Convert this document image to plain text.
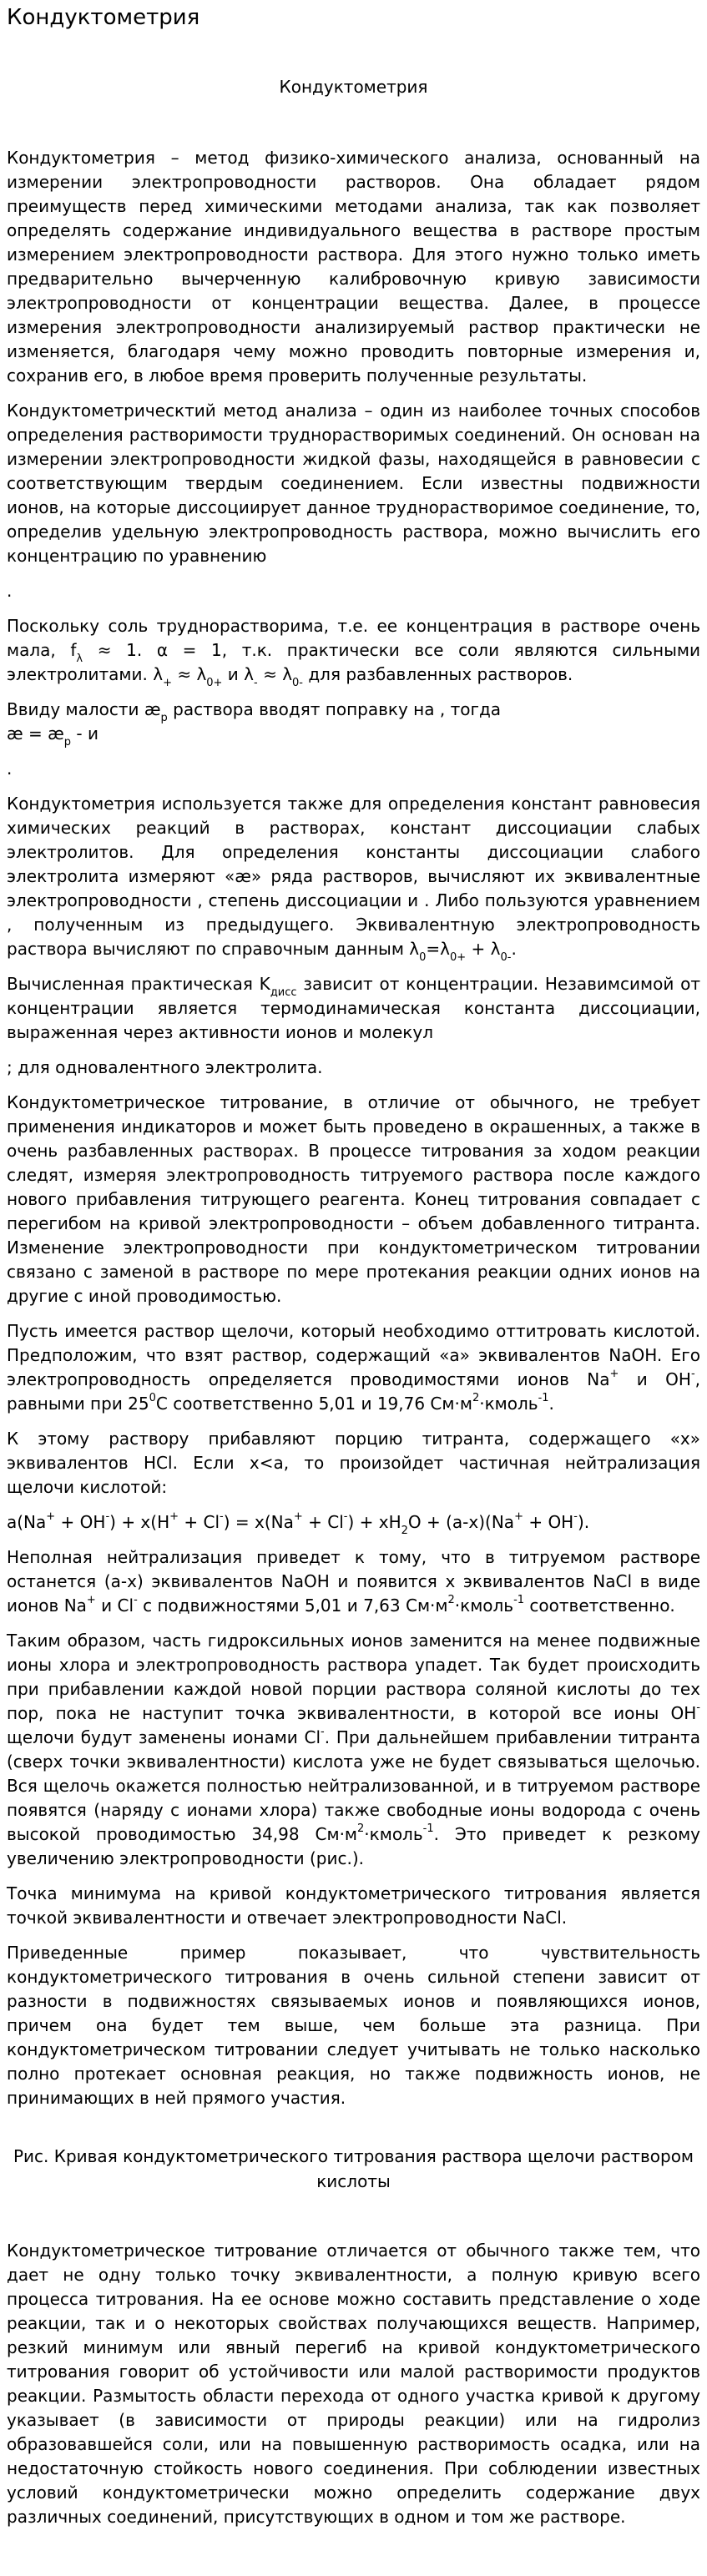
Кондуктометрия

Кондуктометрия

Кондуктометрия – метод физико-химического анализа, основанный на измерении электропроводности растворов. Она обладает рядом преимуществ перед химическими методами анализа, так как позволяет определять содержание индивидуального вещества в растворе простым измерением электропроводности раствора. Для этого нужно только иметь предварительно вычерченную калибровочную кривую зависимости электропроводности от концентрации вещества. Далее, в процессе измерения электропроводности анализируемый раствор практически не изменяется, благодаря чему можно проводить повторные измерения и, сохранив его, в любое время проверить полученные результаты.

Кондуктометрическтий метод анализа – один из наиболее точных способов определения растворимости труднорастворимых соединений. Он основан на измерении электропроводности жидкой фазы, находящейся в равновесии с соответствующим твердым соединением. Если известны подвижности ионов, на которые диссоциирует данное труднорастворимое соединение, то, определив удельную электропроводность раствора, можно вычислить его концентрацию по уравнению

.

Поскольку соль труднорастворима, т.е. ее концентрация в растворе очень мала, $f_\lambda \approx 1$. α = 1, т.к. практически все соли являются сильными электролитами. $\lambda_+ \approx \lambda_{0+}$ и $\lambda_- \approx \lambda_{0-}$ для разбавленных растворов.

Ввиду малости $æ_p$ раствора вводят поправку на , тогда

æ = $æ_p$ - и

.

Кондуктометрия используется также для определения констант равновесия химических реакций в растворах, констант диссоциации слабых электролитов. Для определения константы диссоциации слабого электролита измеряют «æ» ряда растворов, вычисляют их эквивалентные электропроводности , степень диссоциации и . Либо пользуются уравнением , полученным из предыдущего. Эквивалентную электропроводность раствора вычисляют по справочным данным $\lambda_0=\lambda_{0+} + \lambda_{0-}$.

Вычисленная практическая $K_{дисс}$ зависит от концентрации. Незавимсимой от концентрации является термодинамическая константа диссоциации, выраженная через активности ионов и молекул

; для одновалентного электролита.

Кондуктометрическое титрование, в отличие от обычного, не требует применения индикаторов и может быть проведено в окрашенных, а также в очень разбавленных растворах. В процессе титрования за ходом реакции следят, измеряя электропроводность титруемого раствора после каждого нового прибавления титрующего реагента. Конец титрования совпадает с перегибом на кривой электропроводности – объем добавленного титранта. Изменение электропроводности при кондуктометрическом титровании связано с заменой в растворе по мере протекания реакции одних ионов на другие с иной проводимостью.

Пусть имеется раствор щелочи, который необходимо оттитровать кислотой. Предположим, что взят раствор, содержащий «a» эквивалентов NaOH. Его электропроводность определяется проводимостями ионов Na+ и OH-, равными при $25^0C$ соответственно 5,01 и 19,76 $См\cdot м^2\cdot кмоль^{-1}$.

К этому раствору прибавляют порцию титранта, содержащего «x» эквивалентов HCl. Если x<a, то произойдет частичная нейтрализация щелочи кислотой:

$a(Na^+ + OH^-) + x(H^+ + Cl^-) = x(Na^+ + Cl^-) + xH_2O + (a-x)(Na^+ + OH^-)$.

Неполная нейтрализация приведет к тому, что в титруемом растворе останется (a-x) эквивалентов NaOH и появится x эквивалентов NaCl в виде ионов Na+ и Cl- с подвижностями 5,01 и 7,63 $См\cdot м^2\cdot кмоль^{-1}$ соответственно.

Таким образом, часть гидроксильных ионов заменится на менее подвижные ионы хлора и электропроводность раствора упадет. Так будет происходить при прибавлении каждой новой порции раствора соляной кислоты до тех пор, пока не наступит точка эквивалентности, в которой все ионы OH- щелочи будут заменены ионами Cl-. При дальнейшем прибавлении титранта (сверх точки эквивалентности) кислота уже не будет связываться щелочью. Вся щелочь окажется полностью нейтрализованной, и в титруемом растворе появятся (наряду с ионами хлора) также свободные ионы водорода с очень высокой проводимостью 34,98 $См\cdot м^2\cdot кмоль^{-1}$. Это приведет к резкому увеличению электропроводности (рис.).

Точка минимума на кривой кондуктометрического титрования является точкой эквивалентности и отвечает электропроводности NaCl.

Приведенные пример показывает, что чувствительность кондуктометрического титрования в очень сильной степени зависит от разности в подвижностях связываемых ионов и появляющихся ионов, причем она будет тем выше, чем больше эта разница. При кондуктометрическом титровании следует учитывать не только насколько полно протекает основная реакция, но также подвижность ионов, не принимающих в ней прямого участия.

Рис. Кривая кондуктометрического титрования раствора щелочи раствором кислоты

Кондуктометрическое титрование отличается от обычного также тем, что дает не одну только точку эквивалентности, а полную кривую всего процесса титрования. На ее основе можно составить представление о ходе реакции, так и о некоторых свойствах получающихся веществ. Например, резкий минимум или явный перегиб на кривой кондуктометрического титрования говорит об устойчивости или малой растворимости продуктов реакции. Размытость области перехода от одного участка кривой к другому указывает (в зависимости от природы реакции) или на гидролиз образовавшейся соли, или на повышенную растворимость осадка, или на недостаточную стойкость нового соединения. При соблюдении известных условий кондуктометрически можно определить содержание двух различных соединений, присутствующих в одном и том же растворе.
